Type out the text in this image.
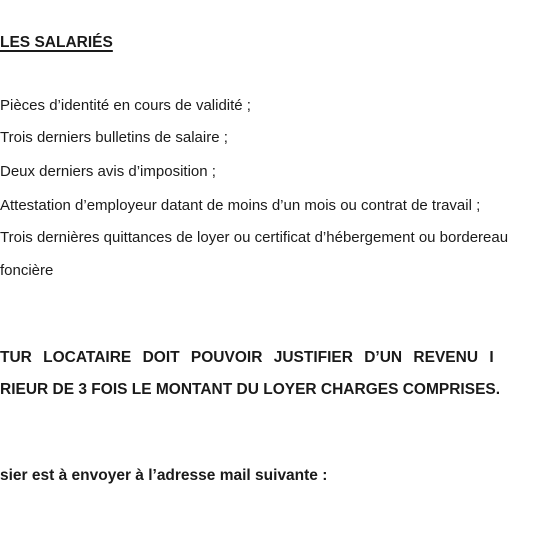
LES SALARIÉS
Pièces d’identité en cours de validité ;
Trois derniers bulletins de salaire ;
Deux derniers avis d’imposition ;
Attestation d’employeur datant de moins d’un mois ou contrat de travail ;
Trois dernières quittances de loyer ou certificat d’hébergement ou bordereau
foncière
TUR LOCATAIRE DOIT POUVOIR JUSTIFIER D’UN REVENU I
RIEUR DE 3 FOIS LE MONTANT DU LOYER CHARGES COMPRISES.
sier est à envoyer à l’adresse mail suivante :
